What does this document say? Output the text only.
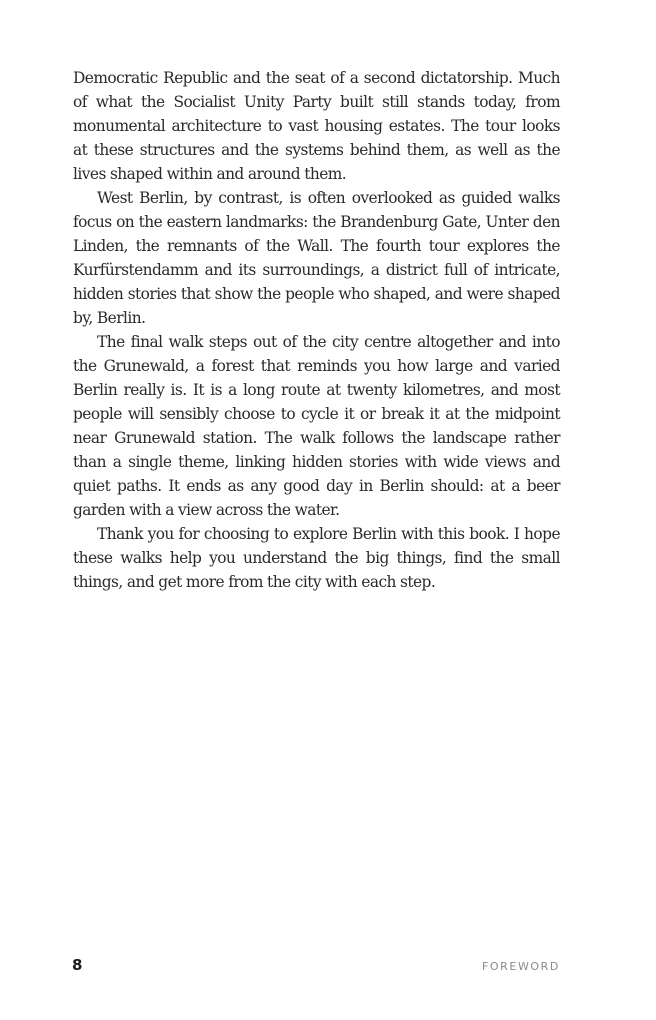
Democratic Republic and the seat of a second dictatorship. Much of what the Socialist Unity Party built still stands today, from monumental architecture to vast housing estates. The tour looks at these structures and the systems behind them, as well as the lives shaped within and around them.

West Berlin, by contrast, is often overlooked as guided walks focus on the eastern landmarks: the Brandenburg Gate, Unter den Linden, the remnants of the Wall. The fourth tour explores the Kurfürstendamm and its surroundings, a district full of intricate, hidden stories that show the people who shaped, and were shaped by, Berlin.

The final walk steps out of the city centre altogether and into the Grunewald, a forest that reminds you how large and varied Berlin really is. It is a long route at twenty kilometres, and most people will sensibly choose to cycle it or break it at the midpoint near Grunewald station. The walk follows the landscape rather than a single theme, linking hidden stories with wide views and quiet paths. It ends as any good day in Berlin should: at a beer garden with a view across the water.

Thank you for choosing to explore Berlin with this book. I hope these walks help you understand the big things, find the small things, and get more from the city with each step.

8	FOREWORD
